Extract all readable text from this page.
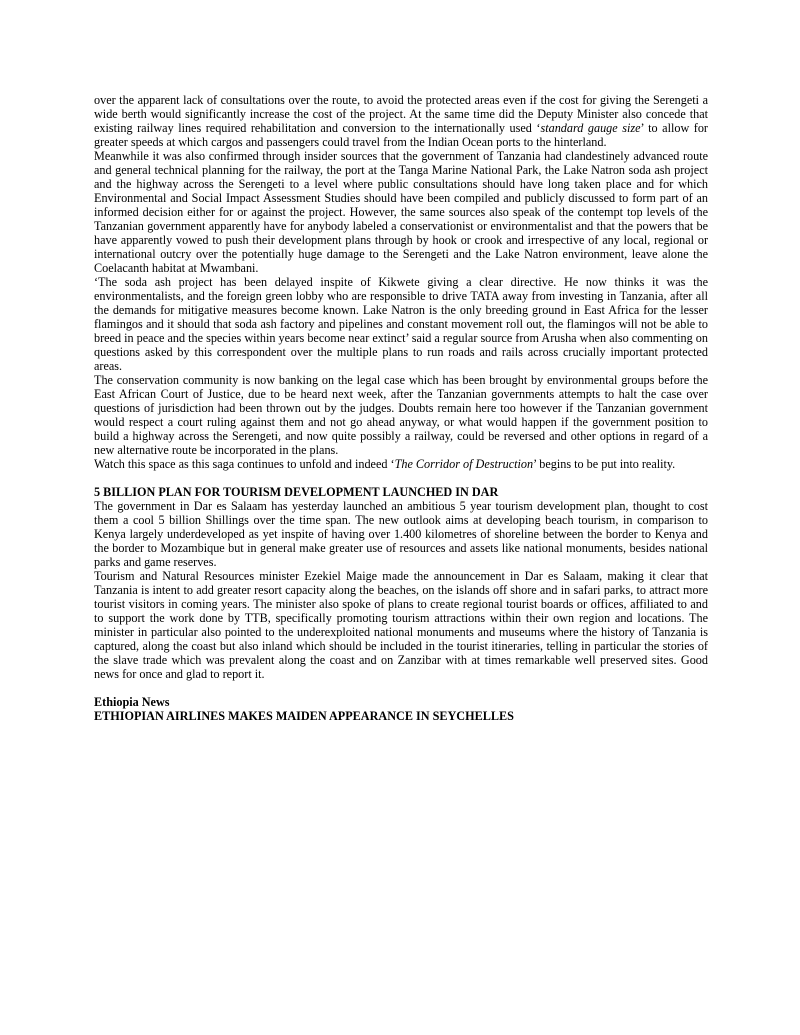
over the apparent lack of consultations over the route, to avoid the protected areas even if the cost for giving the Serengeti a wide berth would significantly increase the cost of the project. At the same time did the Deputy Minister also concede that existing railway lines required rehabilitation and conversion to the internationally used ‘standard gauge size’ to allow for greater speeds at which cargos and passengers could travel from the Indian Ocean ports to the hinterland.

Meanwhile it was also confirmed through insider sources that the government of Tanzania had clandestinely advanced route and general technical planning for the railway, the port at the Tanga Marine National Park, the Lake Natron soda ash project and the highway across the Serengeti to a level where public consultations should have long taken place and for which Environmental and Social Impact Assessment Studies should have been compiled and publicly discussed to form part of an informed decision either for or against the project. However, the same sources also speak of the contempt top levels of the Tanzanian government apparently have for anybody labeled a conservationist or environmentalist and that the powers that be have apparently vowed to push their development plans through by hook or crook and irrespective of any local, regional or international outcry over the potentially huge damage to the Serengeti and the Lake Natron environment, leave alone the Coelacanth habitat at Mwambani.

‘The soda ash project has been delayed inspite of Kikwete giving a clear directive. He now thinks it was the environmentalists, and the foreign green lobby who are responsible to drive TATA away from investing in Tanzania, after all the demands for mitigative measures become known. Lake Natron is the only breeding ground in East Africa for the lesser flamingos and it should that soda ash factory and pipelines and constant movement roll out, the flamingos will not be able to breed in peace and the species within years become near extinct’ said a regular source from Arusha when also commenting on questions asked by this correspondent over the multiple plans to run roads and rails across crucially important protected areas.

The conservation community is now banking on the legal case which has been brought by environmental groups before the East African Court of Justice, due to be heard next week, after the Tanzanian governments attempts to halt the case over questions of jurisdiction had been thrown out by the judges. Doubts remain here too however if the Tanzanian government would respect a court ruling against them and not go ahead anyway, or what would happen if the government position to build a highway across the Serengeti, and now quite possibly a railway, could be reversed and other options in regard of a new alternative route be incorporated in the plans.

Watch this space as this saga continues to unfold and indeed ‘The Corridor of Destruction’ begins to be put into reality.

5 BILLION PLAN FOR TOURISM DEVELOPMENT LAUNCHED IN DAR

The government in Dar es Salaam has yesterday launched an ambitious 5 year tourism development plan, thought to cost them a cool 5 billion Shillings over the time span. The new outlook aims at developing beach tourism, in comparison to Kenya largely underdeveloped as yet inspite of having over 1.400 kilometres of shoreline between the border to Kenya and the border to Mozambique but in general make greater use of resources and assets like national monuments, besides national parks and game reserves.

Tourism and Natural Resources minister Ezekiel Maige made the announcement in Dar es Salaam, making it clear that Tanzania is intent to add greater resort capacity along the beaches, on the islands off shore and in safari parks, to attract more tourist visitors in coming years. The minister also spoke of plans to create regional tourist boards or offices, affiliated to and to support the work done by TTB, specifically promoting tourism attractions within their own region and locations. The minister in particular also pointed to the underexploited national monuments and museums where the history of Tanzania is captured, along the coast but also inland which should be included in the tourist itineraries, telling in particular the stories of the slave trade which was prevalent along the coast and on Zanzibar with at times remarkable well preserved sites. Good news for once and glad to report it.

Ethiopia News

ETHIOPIAN AIRLINES MAKES MAIDEN APPEARANCE IN SEYCHELLES
